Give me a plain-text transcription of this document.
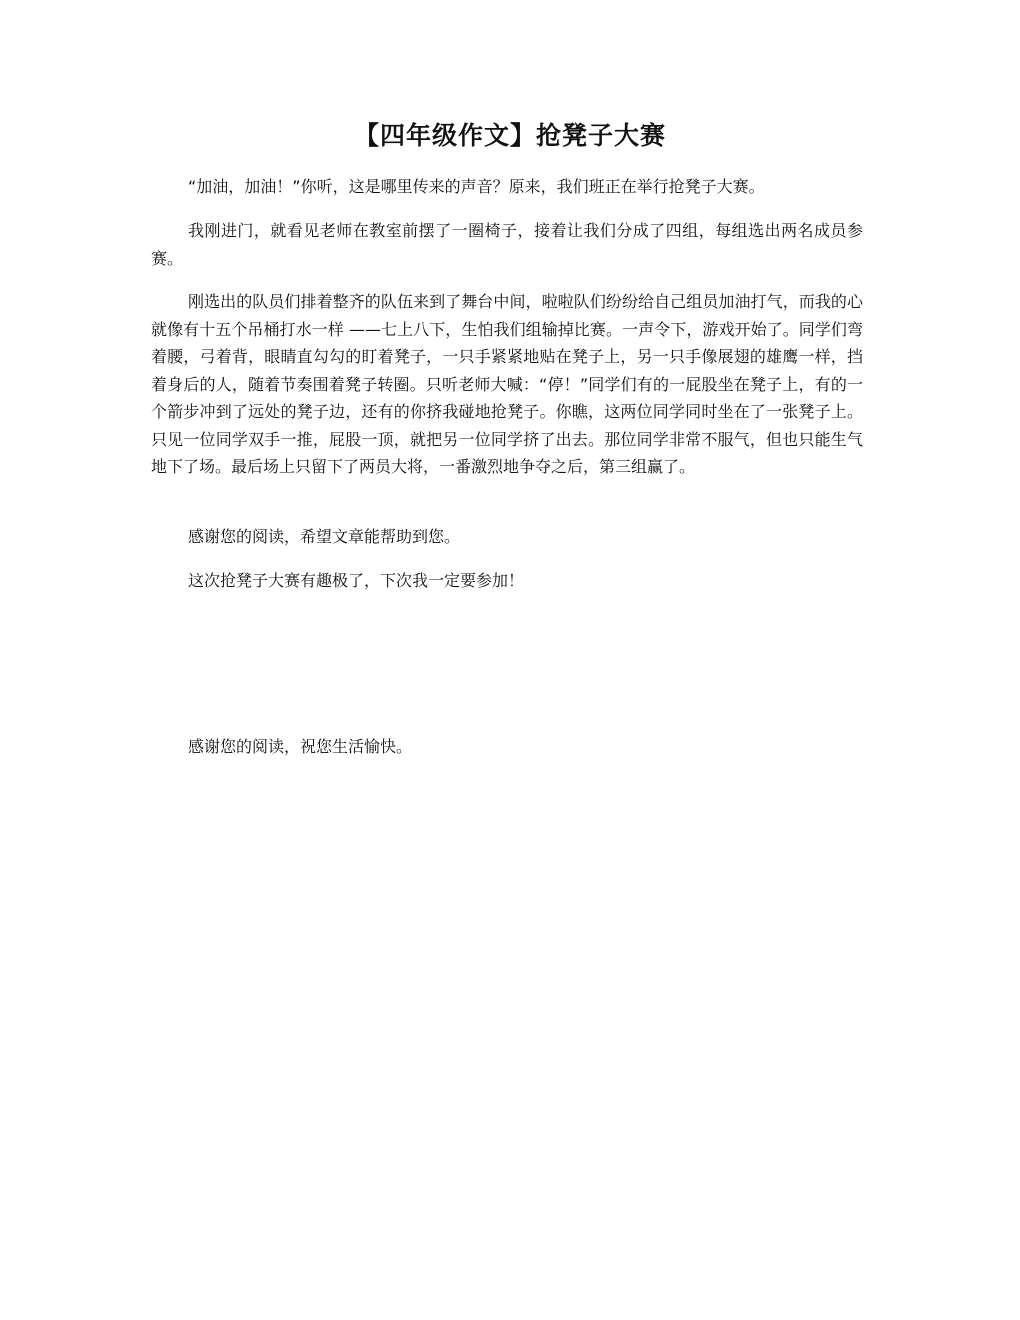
【四年级作文】抢凳子大赛

“加油，加油！”你听，这是哪里传来的声音？原来，我们班正在举行抢凳子大赛。

我刚进门，就看见老师在教室前摆了一圈椅子，接着让我们分成了四组，每组选出两名成员参赛。

刚选出的队员们排着整齐的队伍来到了舞台中间，啦啦队们纷纷给自己组员加油打气，而我的心就像有十五个吊桶打水一样 ——七上八下，生怕我们组输掉比赛。一声令下，游戏开始了。同学们弯着腰，弓着背，眼睛直勾勾的盯着凳子，一只手紧紧地贴在凳子上，另一只手像展翅的雄鹰一样，挡着身后的人，随着节奏围着凳子转圈。只听老师大喊：“停！”同学们有的一屁股坐在凳子上，有的一个箭步冲到了远处的凳子边，还有的你挤我碰地抢凳子。你瞧，这两位同学同时坐在了一张凳子上。只见一位同学双手一推，屁股一顶，就把另一位同学挤了出去。那位同学非常不服气，但也只能生气地下了场。最后场上只留下了两员大将，一番激烈地争夺之后，第三组赢了。

感谢您的阅读，希望文章能帮助到您。

这次抢凳子大赛有趣极了，下次我一定要参加！

感谢您的阅读，祝您生活愉快。
